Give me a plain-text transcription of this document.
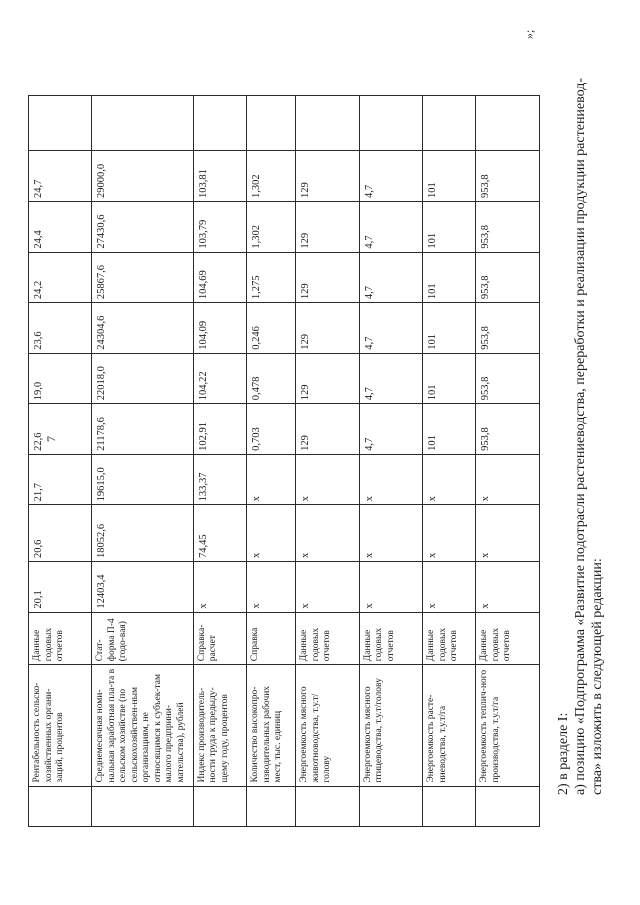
7
	Рентабельность сельско-хозяйственных органи-заций, процентов	Данные годовых отчетов	20,1	20,6	21,7	22,6	19,0	23,6	24,2	24,4	24,7	
	Среднемесячная номи-нальная заработная пла-та в сельском хозяйстве (по сельскохозяйствен-ным организациям, не относящимся к субъек-там малого предприни-мательства), рублей	Стат-форма П-4 (годо-вая)	12403,4	18052,6	19615,0	21178,6	22018,0	24304,6	25867,6	27430,6	29000,0	
	Индекс производитель-ности труда к предыду-щему году, процентов	Справка-расчет	х	74,45	133,37	102,91	104,22	104,09	104,69	103,79	103,81	
	Количество высокопро-изводительных рабочих мест, тыс. единиц	Справка	х	х	х	0,703	0,478	0,246	1,275	1,302	1,302	
	Энергоемкость мясного животноводства, т.у.т/голову	Данные годовых отчетов	х	х	х	129	129	129	129	129	129	
	Энергоемкость мясного птицеводства, т.у.т/голову	Данные годовых отчетов	х	х	х	4,7	4,7	4,7	4,7	4,7	4,7	
	Энергоемкость расте-ниеводства, т.у.т/га	Данные годовых отчетов	х	х	х	101	101	101	101	101	101	
	Энергоемкость теплич-ного производства, т.у.т/га	Данные годовых отчетов	х	х	х	953,8	953,8	953,8	953,8	953,8	953,8	
»;

2) в разделе I: а) позицию «Подпрограмма «Развитие подотрасли растениеводства, переработки и реализации продукции растениевод- ства» изложить в следующей редакции:
